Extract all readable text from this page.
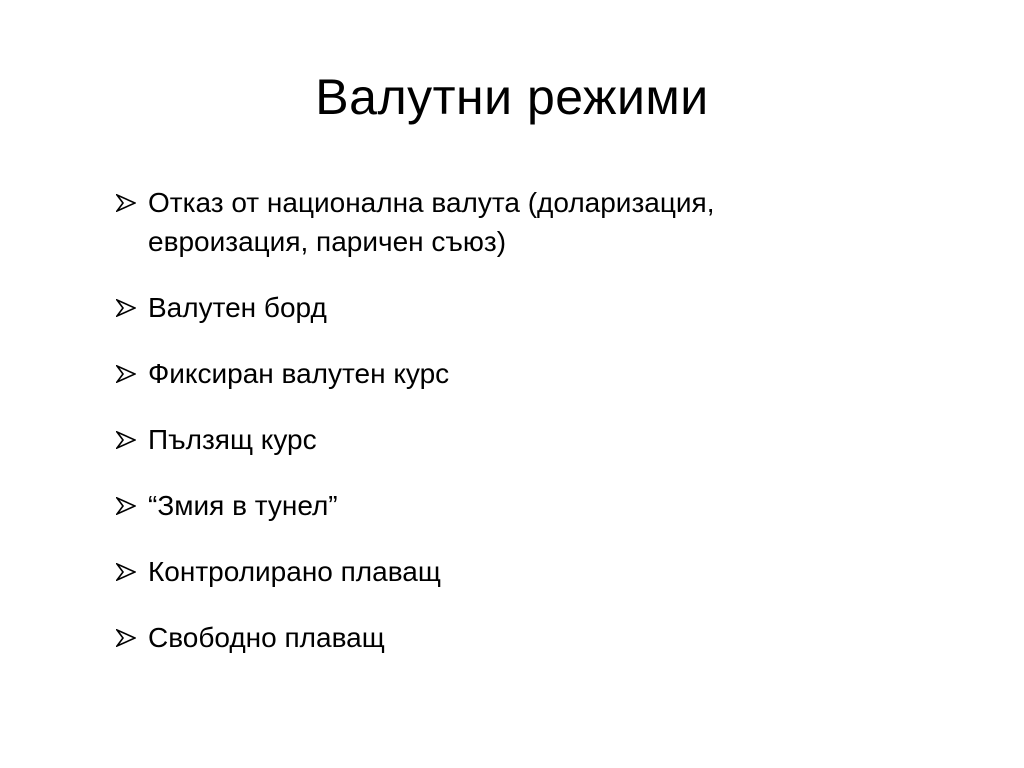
Валутни режими
Отказ от национална валута (доларизация, евроизация, паричен съюз)
Валутен борд
Фиксиран валутен курс
Пълзящ курс
“Змия в тунел”
Контролирано плаващ
Свободно плаващ
